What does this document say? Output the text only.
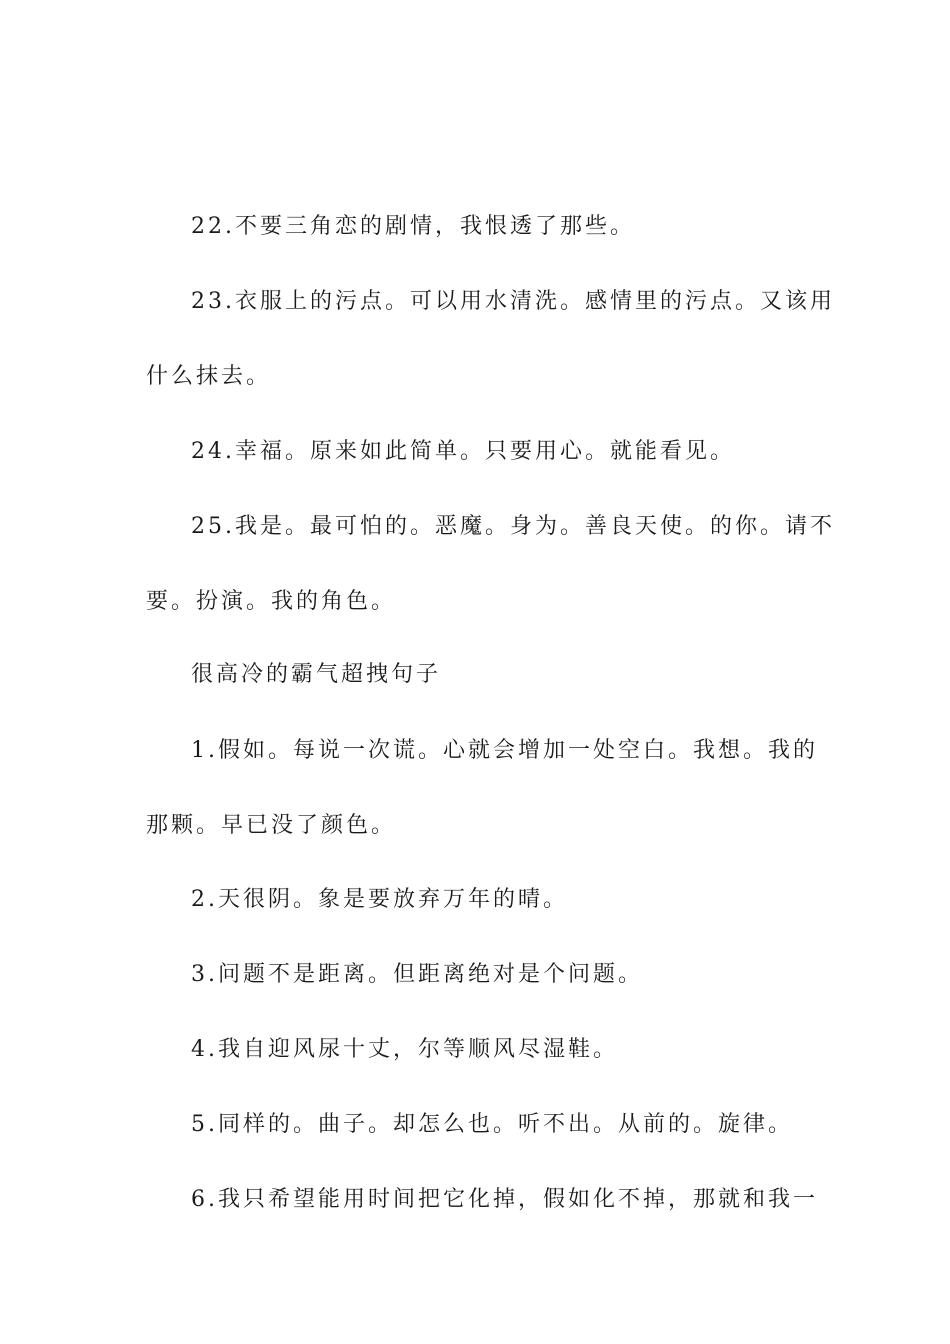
22.不要三角恋的剧情，我恨透了那些。
23.衣服上的污点。可以用水清洗。感情里的污点。又该用
什么抹去。
24.幸福。原来如此简单。只要用心。就能看见。
25.我是。最可怕的。恶魔。身为。善良天使。的你。请不
要。扮演。我的角色。
很高冷的霸气超拽句子
1.假如。每说一次谎。心就会增加一处空白。我想。我的
那颗。早已没了颜色。
2.天很阴。象是要放弃万年的晴。
3.问题不是距离。但距离绝对是个问题。
4.我自迎风尿十丈，尔等顺风尽湿鞋。
5.同样的。曲子。却怎么也。听不出。从前的。旋律。
6.我只希望能用时间把它化掉，假如化不掉，那就和我一
